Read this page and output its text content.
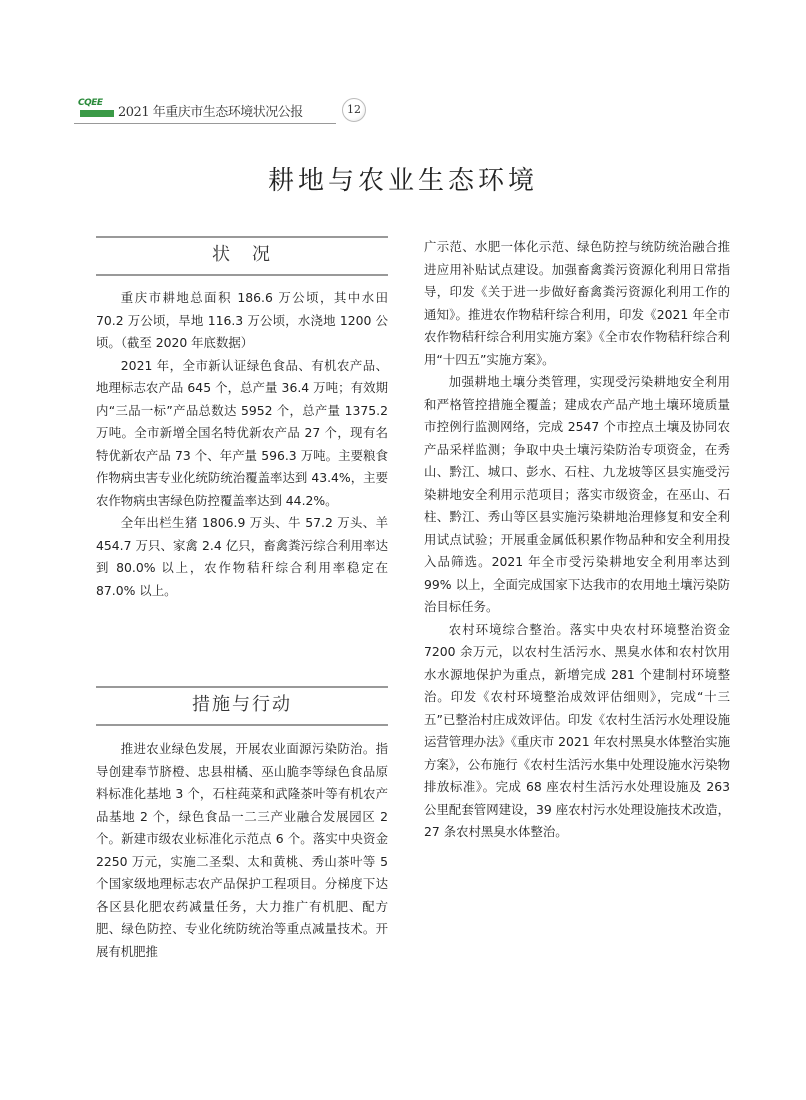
CQEE
2021 年重庆市生态环境状况公报	12
耕地与农业生态环境
状　况

重庆市耕地总面积 186.6 万公顷，其中水田 70.2 万公顷，旱地 116.3 万公顷，水浇地 1200 公顷。（截至 2020 年底数据）

2021 年，全市新认证绿色食品、有机农产品、地理标志农产品 645 个，总产量 36.4 万吨；有效期内“三品一标”产品总数达 5952 个，总产量 1375.2 万吨。全市新增全国名特优新农产品 27 个，现有名特优新农产品 73 个、年产量 596.3 万吨。主要粮食作物病虫害专业化统防统治覆盖率达到 43.4%，主要农作物病虫害绿色防控覆盖率达到 44.2%。

全年出栏生猪 1806.9 万头、牛 57.2 万头、羊 454.7 万只、家禽 2.4 亿只，畜禽粪污综合利用率达到 80.0% 以上，农作物秸秆综合利用率稳定在 87.0% 以上。

措施与行动

推进农业绿色发展，开展农业面源污染防治。指导创建奉节脐橙、忠县柑橘、巫山脆李等绿色食品原料标准化基地 3 个，石柱莼菜和武隆茶叶等有机农产品基地 2 个，绿色食品一二三产业融合发展园区 2 个。新建市级农业标准化示范点 6 个。落实中央资金 2250 万元，实施二圣梨、太和黄桃、秀山茶叶等 5 个国家级地理标志农产品保护工程项目。分梯度下达各区县化肥农药减量任务，大力推广有机肥、配方肥、绿色防控、专业化统防统治等重点减量技术。开展有机肥推

广示范、水肥一体化示范、绿色防控与统防统治融合推进应用补贴试点建设。加强畜禽粪污资源化利用日常指导，印发《关于进一步做好畜禽粪污资源化利用工作的通知》。推进农作物秸秆综合利用，印发《2021 年全市农作物秸秆综合利用实施方案》《全市农作物秸秆综合利用“十四五”实施方案》。

加强耕地土壤分类管理，实现受污染耕地安全利用和严格管控措施全覆盖；建成农产品产地土壤环境质量市控例行监测网络，完成 2547 个市控点土壤及协同农产品采样监测；争取中央土壤污染防治专项资金，在秀山、黔江、城口、彭水、石柱、九龙坡等区县实施受污染耕地安全利用示范项目；落实市级资金，在巫山、石柱、黔江、秀山等区县实施污染耕地治理修复和安全利用试点试验；开展重金属低积累作物品种和安全利用投入品筛选。2021 年全市受污染耕地安全利用率达到 99% 以上，全面完成国家下达我市的农用地土壤污染防治目标任务。

农村环境综合整治。落实中央农村环境整治资金 7200 余万元，以农村生活污水、黑臭水体和农村饮用水水源地保护为重点，新增完成 281 个建制村环境整治。印发《农村环境整治成效评估细则》，完成“十三五”已整治村庄成效评估。印发《农村生活污水处理设施运营管理办法》《重庆市 2021 年农村黑臭水体整治实施方案》，公布施行《农村生活污水集中处理设施水污染物排放标准》。完成 68 座农村生活污水处理设施及 263 公里配套管网建设，39 座农村污水处理设施技术改造，27 条农村黑臭水体整治。
